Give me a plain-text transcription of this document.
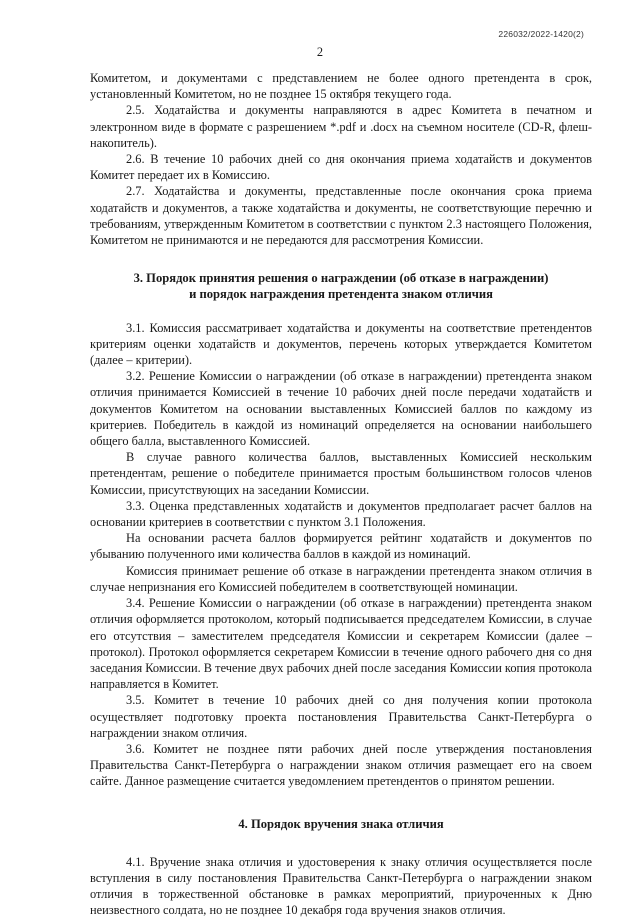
226032/2022-1420(2)
2

Комитетом, и документами с представлением не более одного претендента в срок, установленный Комитетом, но не позднее 15 октября текущего года.

2.5. Ходатайства и документы направляются в адрес Комитета в печатном и электронном виде в формате с разрешением *.pdf и .docx на съемном носителе (CD-R, флеш-накопитель).

2.6. В течение 10 рабочих дней со дня окончания приема ходатайств и документов Комитет передает их в Комиссию.

2.7. Ходатайства и документы, представленные после окончания срока приема ходатайств и документов, а также ходатайства и документы, не соответствующие перечню и требованиям, утвержденным Комитетом в соответствии с пунктом 2.3 настоящего Положения, Комитетом не принимаются и не передаются для рассмотрения Комиссии.

3. Порядок принятия решения о награждении (об отказе в награждении)
и порядок награждения претендента знаком отличия

3.1. Комиссия рассматривает ходатайства и документы на соответствие претендентов критериям оценки ходатайств и документов, перечень которых утверждается Комитетом (далее – критерии).

3.2. Решение Комиссии о награждении (об отказе в награждении) претендента знаком отличия принимается Комиссией в течение 10 рабочих дней после передачи ходатайств и документов Комитетом на основании выставленных Комиссией баллов по каждому из критериев. Победитель в каждой из номинаций определяется на основании наибольшего общего балла, выставленного Комиссией.

В случае равного количества баллов, выставленных Комиссией нескольким претендентам, решение о победителе принимается простым большинством голосов членов Комиссии, присутствующих на заседании Комиссии.

3.3. Оценка представленных ходатайств и документов предполагает расчет баллов на основании критериев в соответствии с пунктом 3.1 Положения.

На основании расчета баллов формируется рейтинг ходатайств и документов по убыванию полученного ими количества баллов в каждой из номинаций.

Комиссия принимает решение об отказе в награждении претендента знаком отличия в случае непризнания его Комиссией победителем в соответствующей номинации.

3.4. Решение Комиссии о награждении (об отказе в награждении) претендента знаком отличия оформляется протоколом, который подписывается председателем Комиссии, в случае его отсутствия – заместителем председателя Комиссии и секретарем Комиссии (далее – протокол). Протокол оформляется секретарем Комиссии в течение одного рабочего дня со дня заседания Комиссии. В течение двух рабочих дней после заседания Комиссии копия протокола направляется в Комитет.

3.5. Комитет в течение 10 рабочих дней со дня получения копии протокола осуществляет подготовку проекта постановления Правительства Санкт-Петербурга о награждении знаком отличия.

3.6. Комитет не позднее пяти рабочих дней после утверждения постановления Правительства Санкт-Петербурга о награждении знаком отличия размещает его на своем сайте. Данное размещение считается уведомлением претендентов о принятом решении.

4. Порядок вручения знака отличия

4.1. Вручение знака отличия и удостоверения к знаку отличия осуществляется после вступления в силу постановления Правительства Санкт-Петербурга о награждении знаком отличия в торжественной обстановке в рамках мероприятий, приуроченных к Дню неизвестного солдата, но не позднее 10 декабря года вручения знаков отличия.
